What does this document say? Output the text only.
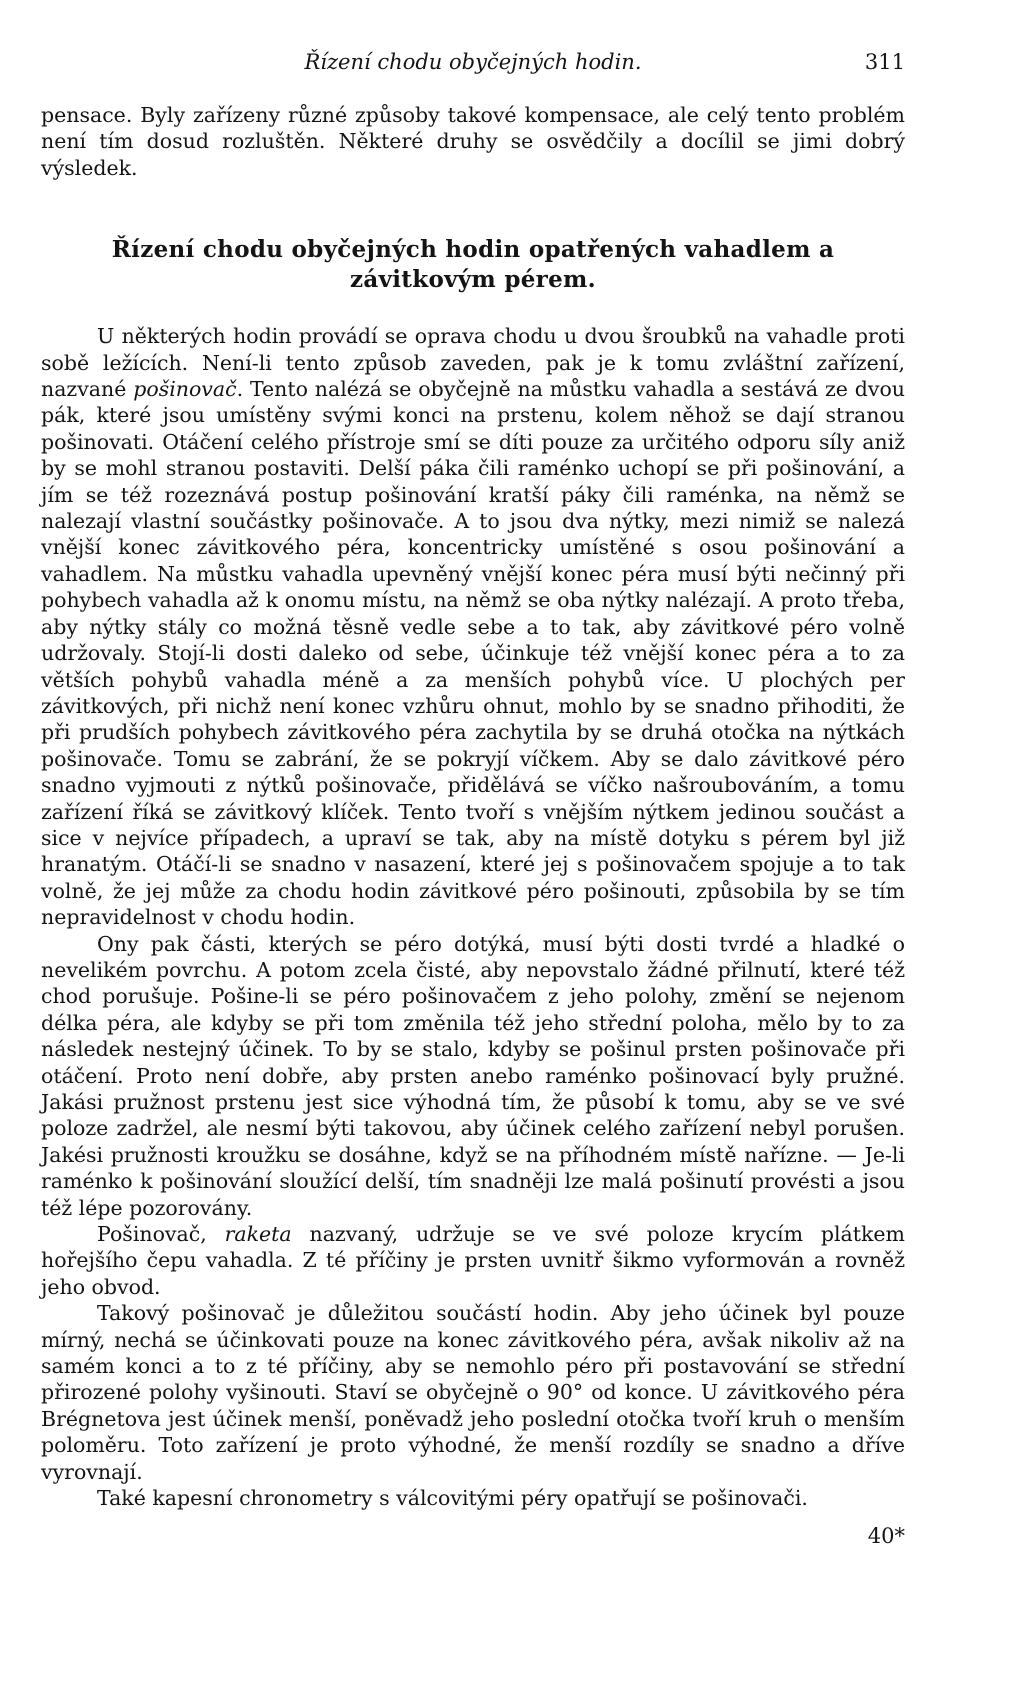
Řízení chodu obyčejných hodin.	311

pensace. Byly zařízeny různé způsoby takové kompensace, ale celý tento problém není tím dosud rozluštěn. Některé druhy se osvědčily a docílil se jimi dobrý výsledek.

Řízení chodu obyčejných hodin opatřených vahadlem a závitkovým pérem.

U některých hodin provádí se oprava chodu u dvou šroubků na vahadle proti sobě ležících. Není-li tento způsob zaveden, pak je k tomu zvláštní zařízení, nazvané pošinovač. Tento nalézá se obyčejně na můstku vahadla a sestává ze dvou pák, které jsou umístěny svými konci na prstenu, kolem něhož se dají stranou pošinovati. Otáčení celého přístroje smí se díti pouze za určitého odporu síly aniž by se mohl stranou postaviti. Delší páka čili raménko uchopí se při pošinování, a jím se též rozeznává postup pošinování kratší páky čili raménka, na němž se nalezají vlastní součástky pošinovače. A to jsou dva nýtky, mezi nimiž se nalezá vnější konec závitkového péra, koncentricky umístěné s osou pošinování a vahadlem. Na můstku vahadla upevněný vnější konec péra musí býti nečinný při pohybech vahadla až k onomu místu, na němž se oba nýtky nalézají. A proto třeba, aby nýtky stály co možná těsně vedle sebe a to tak, aby závitkové péro volně udržovaly. Stojí-li dosti daleko od sebe, účinkuje též vnější konec péra a to za větších pohybů vahadla méně a za menších pohybů více. U plochých per závitkových, při nichž není konec vzhůru ohnut, mohlo by se snadno přihoditi, že při prudších pohybech závitkového péra zachytila by se druhá otočka na nýtkách pošinovače. Tomu se zabrání, že se pokryjí víčkem. Aby se dalo závitkové péro snadno vyjmouti z nýtků pošinovače, přidělává se víčko našroubováním, a tomu zařízení říká se závitkový klíček. Tento tvoří s vnějším nýtkem jedinou součást a sice v nejvíce případech, a upraví se tak, aby na místě dotyku s pérem byl již hranatým. Otáčí-li se snadno v nasazení, které jej s pošinovačem spojuje a to tak volně, že jej může za chodu hodin závitkové péro pošinouti, způsobila by se tím nepravidelnost v chodu hodin.

Ony pak části, kterých se péro dotýká, musí býti dosti tvrdé a hladké o nevelikém povrchu. A potom zcela čisté, aby nepovstalo žádné přilnutí, které též chod porušuje. Pošine-li se péro pošinovačem z jeho polohy, změní se nejenom délka péra, ale kdyby se při tom změnila též jeho střední poloha, mělo by to za následek nestejný účinek. To by se stalo, kdyby se pošinul prsten pošinovače při otáčení. Proto není dobře, aby prsten anebo raménko pošinovací byly pružné. Jakási pružnost prstenu jest sice výhodná tím, že působí k tomu, aby se ve své poloze zadržel, ale nesmí býti takovou, aby účinek celého zařízení nebyl porušen. Jakési pružnosti kroužku se dosáhne, když se na příhodném místě nařízne. — Je-li raménko k pošinování sloužící delší, tím snadněji lze malá pošinutí provésti a jsou též lépe pozorovány.

Pošinovač, raketa nazvaný, udržuje se ve své poloze krycím plátkem hořejšího čepu vahadla. Z té příčiny je prsten uvnitř šikmo vyformován a rovněž jeho obvod.

Takový pošinovač je důležitou součástí hodin. Aby jeho účinek byl pouze mírný, nechá se účinkovati pouze na konec závitkového péra, avšak nikoliv až na samém konci a to z té příčiny, aby se nemohlo péro při postavování se střední přirozené polohy vyšinouti. Staví se obyčejně o 90° od konce. U závitkového péra Brégnetova jest účinek menší, poněvadž jeho poslední otočka tvoří kruh o menším poloměru. Toto zařízení je proto výhodné, že menší rozdíly se snadno a dříve vyrovnají.

Také kapesní chronometry s válcovitými péry opatřují se pošinovači.

40*
